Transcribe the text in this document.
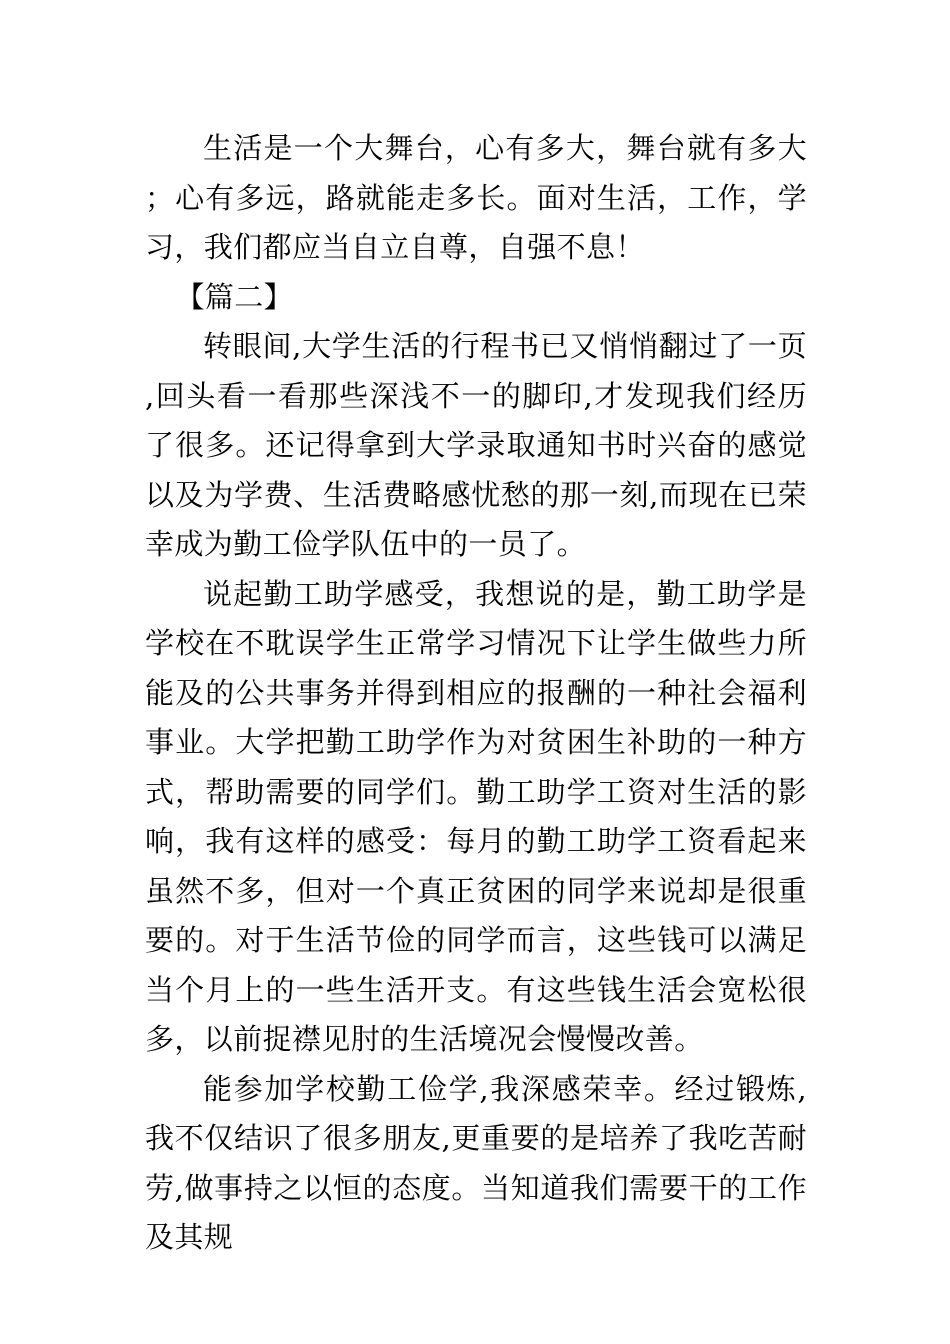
生活是一个大舞台，心有多大，舞台就有多大；心有多远，路就能走多长。面对生活，工作，学习，我们都应当自立自尊，自强不息！

【篇二】

转眼间,大学生活的行程书已又悄悄翻过了一页,回头看一看那些深浅不一的脚印,才发现我们经历了很多。还记得拿到大学录取通知书时兴奋的感觉以及为学费、生活费略感忧愁的那一刻,而现在已荣幸成为勤工俭学队伍中的一员了。

说起勤工助学感受，我想说的是，勤工助学是学校在不耽误学生正常学习情况下让学生做些力所能及的公共事务并得到相应的报酬的一种社会福利事业。大学把勤工助学作为对贫困生补助的一种方式，帮助需要的同学们。勤工助学工资对生活的影响，我有这样的感受：每月的勤工助学工资看起来虽然不多，但对一个真正贫困的同学来说却是很重要的。对于生活节俭的同学而言，这些钱可以满足当个月上的一些生活开支。有这些钱生活会宽松很多，以前捉襟见肘的生活境况会慢慢改善。

能参加学校勤工俭学,我深感荣幸。经过锻炼,我不仅结识了很多朋友,更重要的是培养了我吃苦耐劳,做事持之以恒的态度。当知道我们需要干的工作及其规
